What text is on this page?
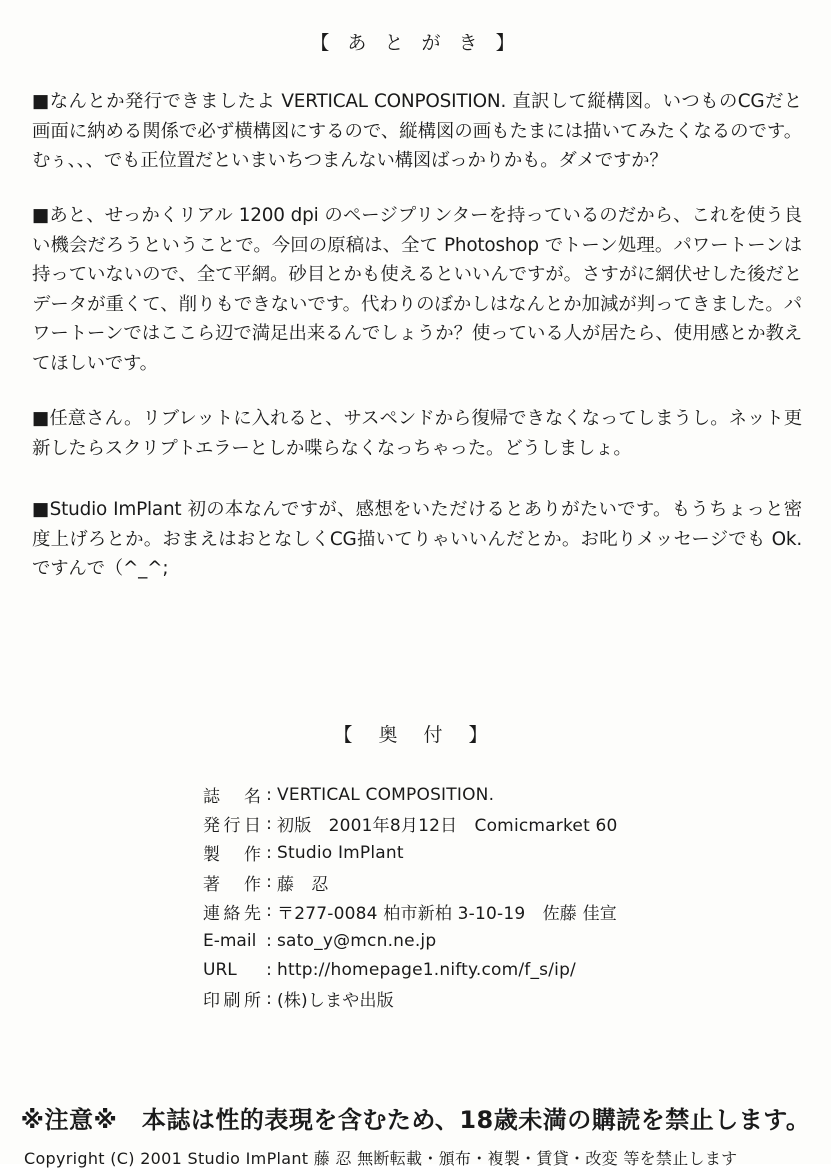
【 あ と が き 】

■なんとか発行できましたよ VERTICAL CONPOSITION. 直訳して縦構図。いつものCGだと画面に納める関係で必ず横構図にするので、縦構図の画もたまには描いてみたくなるのです。むぅ、、、でも正位置だといまいちつまんない構図ばっかりかも。ダメですか？

■あと、せっかくリアル 1200 dpi のページプリンターを持っているのだから、これを使う良い機会だろうということで。今回の原稿は、全て Photoshop でトーン処理。パワートーンは持っていないので、全て平網。砂目とかも使えるといいんですが。さすがに網伏せした後だとデータが重くて、削りもできないです。代わりのぼかしはなんとか加減が判ってきました。パワートーンではここら辺で満足出来るんでしょうか？使っている人が居たら、使用感とか教えてほしいです。

■任意さん。リブレットに入れると、サスペンドから復帰できなくなってしまうし。ネット更新したらスクリプトエラーとしか喋らなくなっちゃった。どうしましょ。

■Studio ImPlant 初の本なんですが、感想をいただけるとありがたいです。もうちょっと密度上げろとか。おまえはおとなしくCG描いてりゃいいんだとか。お叱りメッセージでも Ok.ですんで（^_^;

【 奥 付 】
誌 名 : VERTICAL COMPOSITION.
発行日 : 初版　2001年8月12日　Comicmarket 60
製 作 : Studio ImPlant
著 作 : 藤　忍
連絡先 : 〒277-0084 柏市新柏 3-10-19　佐藤 佳宣
E-mail : sato_y@mcn.ne.jp
URL	: http://homepage1.nifty.com/f_s/ip/
印刷所 : (株)しまや出版
※注意※　本誌は性的表現を含むため、18歳未満の購読を禁止します。
Copyright (C) 2001 Studio ImPlant 藤 忍 無断転載・頒布・複製・賃貸・改変 等を禁止します
